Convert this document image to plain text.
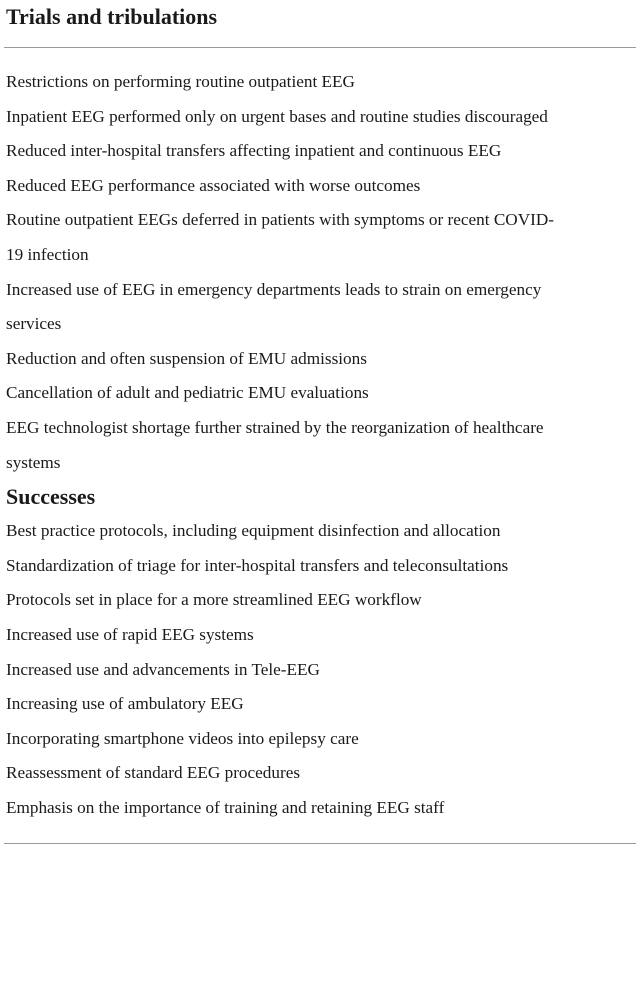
Trials and tribulations
Restrictions on performing routine outpatient EEG
Inpatient EEG performed only on urgent bases and routine studies discouraged
Reduced inter-hospital transfers affecting inpatient and continuous EEG
Reduced EEG performance associated with worse outcomes
Routine outpatient EEGs deferred in patients with symptoms or recent COVID-19 infection
Increased use of EEG in emergency departments leads to strain on emergency services
Reduction and often suspension of EMU admissions
Cancellation of adult and pediatric EMU evaluations
EEG technologist shortage further strained by the reorganization of healthcare systems
Successes
Best practice protocols, including equipment disinfection and allocation
Standardization of triage for inter-hospital transfers and teleconsultations
Protocols set in place for a more streamlined EEG workflow
Increased use of rapid EEG systems
Increased use and advancements in Tele-EEG
Increasing use of ambulatory EEG
Incorporating smartphone videos into epilepsy care
Reassessment of standard EEG procedures
Emphasis on the importance of training and retaining EEG staff
